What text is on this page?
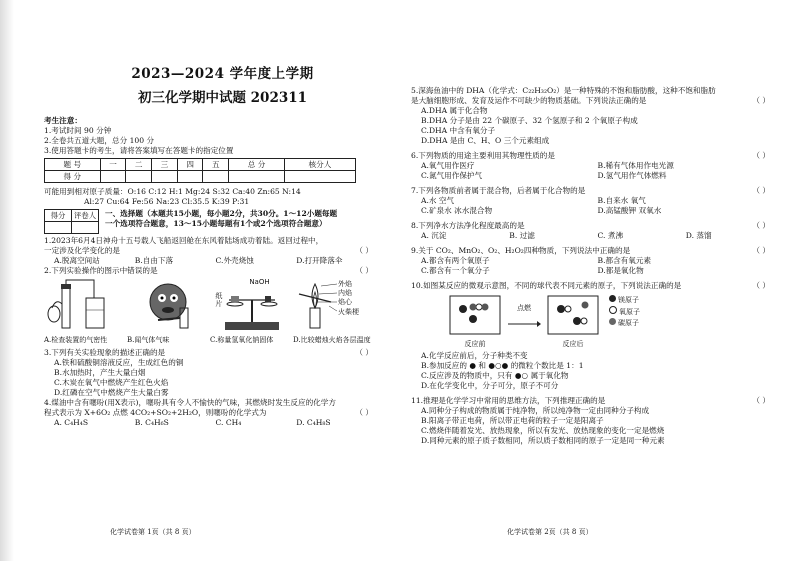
2023—2024 学年度上学期
初三化学期中试题 202311
考生注意：
1.考试时间 90 分钟
2.全卷共五道大题，总分 100 分
3.使用答题卡的考生，请将答案填写在答题卡的指定位置
题 号	一	二	三	四	五	总 分	核分人
得 分							
可能用到相对原子质量：O:16 C:12 H:1 Mg:24 S:32 Ca:40 Zn:65 N:14
Al:27 Cu:64 Fe:56 Na:23 Cl:35.5 K:39 P:31
得分	评卷人
	一、选择题（本题共15小题，每小题2分，共30分。1～12小题每题
一个选项符合题意，13～15小题每题有1个或2个选项符合题意）
1.2023年6月4日神舟十五号载人飞船返回舱在东风着陆场成功着陆。返回过程中，
一定涉及化学变化的是	（ ）
A.脱离空间站	B.自由下落	C.外壳烧蚀	D.打开降落伞
2.下列实验操作的图示中错误的是	（ ）
NaOH
纸片
外焰
内焰
焰心
火柴梗
A.检查装置的气密性	B.闻气体气味	C.称量氢氧化钠固体	D.比较蜡烛火焰各层温度
3.下列有关实验现象的描述正确的是	（ ）
A.铁和硫酸铜溶液反应，生成红色的铜
B.水加热时，产生大量白烟
C.木炭在氧气中燃烧产生红色火焰
D.红磷在空气中燃烧产生大量白雾
4.煤油中含有噻吩(用X表示)，噻吩具有令人不愉快的气味，其燃烧时发生反应的化学方
程式表示为 X+6O₂ 点燃 4CO₂+SO₂+2H₂O，则噻吩的化学式为	（ ）
A. C₄H₄S	B. C₄H₆S	C. CH₄	D. C₄H₈S
化学试卷第 1页（共 8 页）
5.深海鱼油中的 DHA（化学式：C₂₂H₃₂O₂）是一种特殊的不饱和脂肪酸，这种不饱和脂肪
是大脑细胞形成、发育及运作不可缺少的物质基础。下列说法正确的是	（ ）
A.DHA 属于化合物
B.DHA 分子是由 22 个碳原子、32 个氢原子和 2 个氧原子构成
C.DHA 中含有氧分子
D.DHA 是由 C、H、O 三个元素组成
6.下列物质的用途主要利用其物理性质的是	（ ）
A.氧气用作医疗	B.稀有气体用作电光源
C.氮气用作保护气	D.氢气用作气体燃料
7.下列各物质前者属于混合物，后者属于化合物的是	（ ）
A.水 空气	B.自来水 氧气
C.矿泉水 冰水混合物	D.高锰酸钾 双氧水
8.下列净水方法净化程度最高的是	（ ）
A. 沉淀	B. 过滤	C. 煮沸	D. 蒸馏
9.关于 CO₂、MnO₂、O₂、H₂O₂四种物质，下列说法中正确的是	（ ）
A.都含有两个氧原子	B.都含有氧元素
C.都含有一个氧分子	D.都是氧化物
10.如图某反应的微观示意图，不同的球代表不同元素的原子，下列说法正确的是	（ ）
反应前
点燃
反应后
镁原子
氧原子
碳原子
A.化学反应前后，分子种类不变
B.参加反应的 ● 和 ●○● 的微粒个数比是 1：1
C.反应涉及的物质中，只有 ●○ 属于氧化物
D.在化学变化中，分子可分，原子不可分
11.推理是化学学习中常用的思维方法，下列推理正确的是	（ ）
A.同种分子构成的物质属于纯净物，所以纯净物一定由同种分子构成
B.阳离子带正电荷，所以带正电荷的粒子一定是阳离子
C.燃烧伴随着发光、放热现象，所以有发光、放热现象的变化一定是燃烧
D.同种元素的原子质子数相同，所以质子数相同的原子一定是同一种元素
化学试卷第 2页（共 8 页）
